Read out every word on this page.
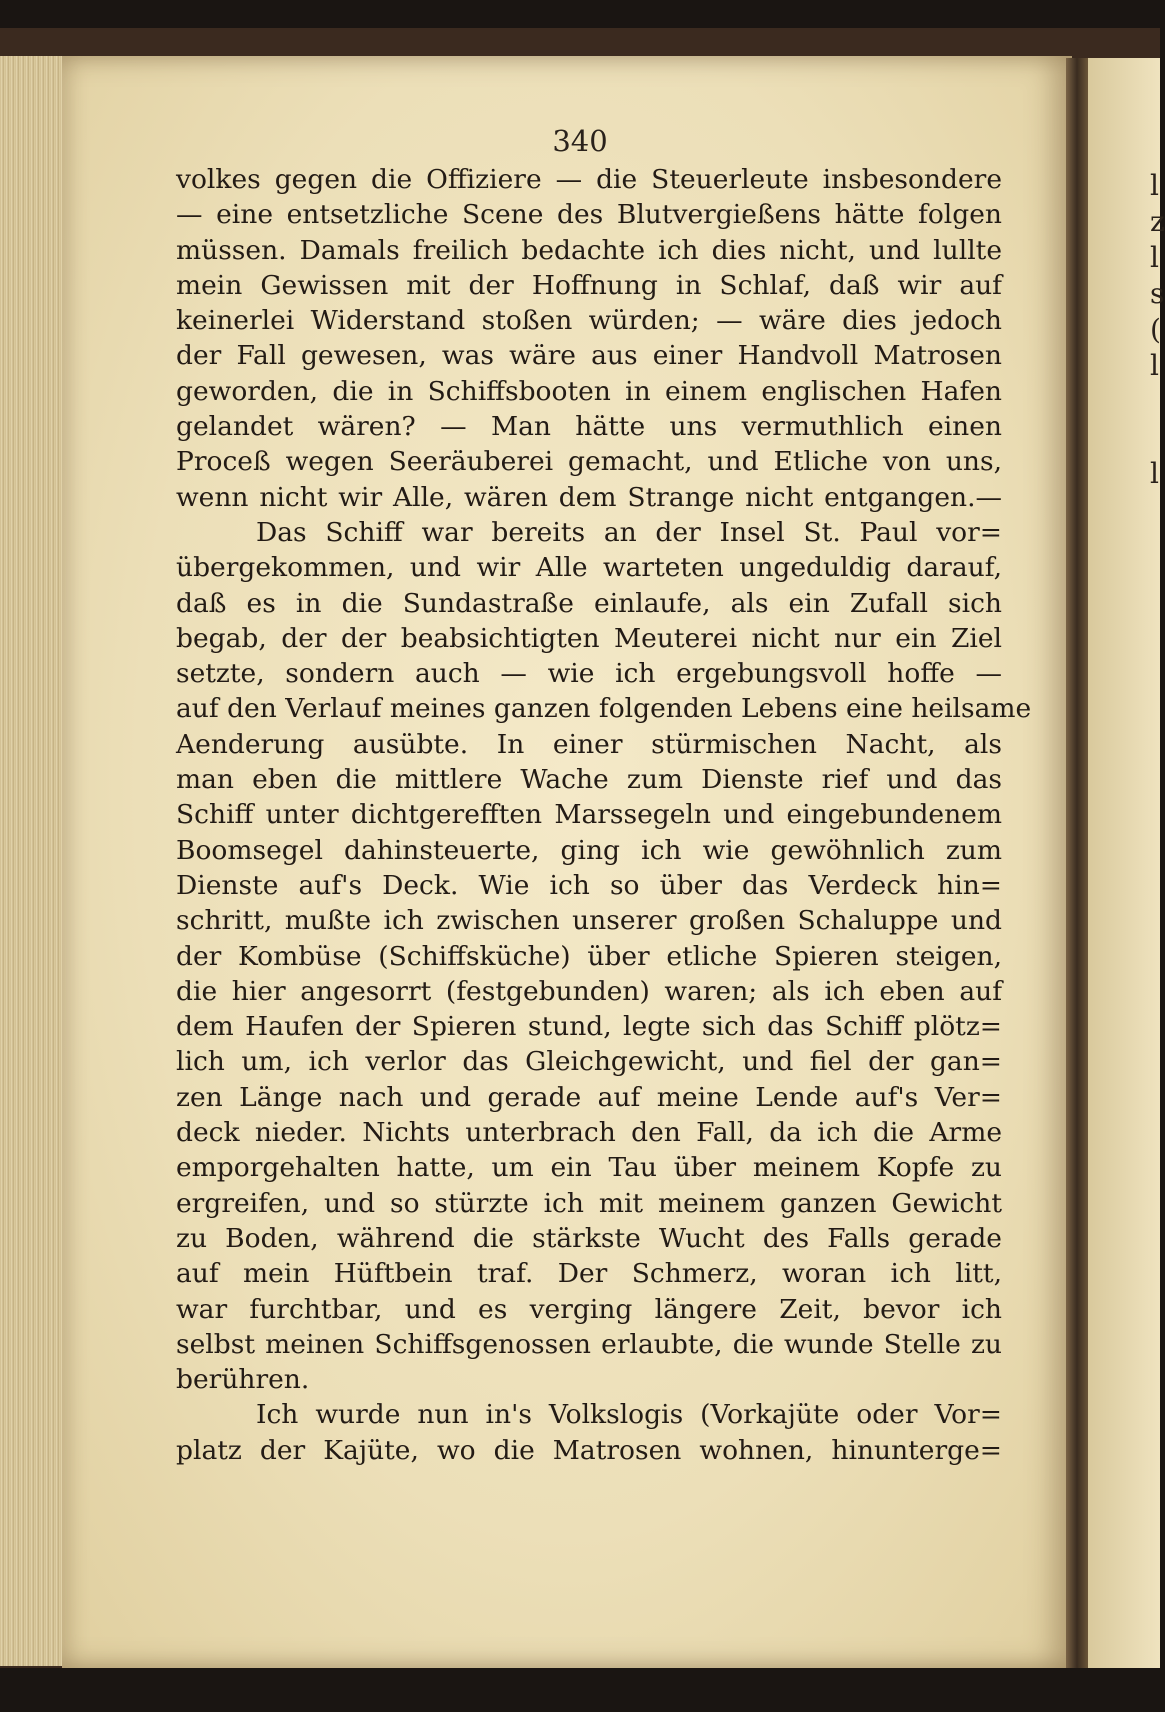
l
z
l
s
(
l

l

340
volkes gegen die Offiziere — die Steuerleute insbesondere
— eine entsetzliche Scene des Blutvergießens hätte folgen
müssen. Damals freilich bedachte ich dies nicht, und lullte
mein Gewissen mit der Hoffnung in Schlaf, daß wir auf
keinerlei Widerstand stoßen würden; — wäre dies jedoch
der Fall gewesen, was wäre aus einer Handvoll Matrosen
geworden, die in Schiffsbooten in einem englischen Hafen
gelandet wären? — Man hätte uns vermuthlich einen
Proceß wegen Seeräuberei gemacht, und Etliche von uns,
wenn nicht wir Alle, wären dem Strange nicht entgangen.—
Das Schiff war bereits an der Insel St. Paul vor=
übergekommen, und wir Alle warteten ungeduldig darauf,
daß es in die Sundastraße einlaufe, als ein Zufall sich
begab, der der beabsichtigten Meuterei nicht nur ein Ziel
setzte, sondern auch — wie ich ergebungsvoll hoffe —
auf den Verlauf meines ganzen folgenden Lebens eine heilsame
Aenderung ausübte. In einer stürmischen Nacht, als
man eben die mittlere Wache zum Dienste rief und das
Schiff unter dichtgerefften Marssegeln und eingebundenem
Boomsegel dahinsteuerte, ging ich wie gewöhnlich zum
Dienste auf's Deck. Wie ich so über das Verdeck hin=
schritt, mußte ich zwischen unserer großen Schaluppe und
der Kombüse (Schiffsküche) über etliche Spieren steigen,
die hier angesorrt (festgebunden) waren; als ich eben auf
dem Haufen der Spieren stund, legte sich das Schiff plötz=
lich um, ich verlor das Gleichgewicht, und fiel der gan=
zen Länge nach und gerade auf meine Lende auf's Ver=
deck nieder. Nichts unterbrach den Fall, da ich die Arme
emporgehalten hatte, um ein Tau über meinem Kopfe zu
ergreifen, und so stürzte ich mit meinem ganzen Gewicht
zu Boden, während die stärkste Wucht des Falls gerade
auf mein Hüftbein traf. Der Schmerz, woran ich litt,
war furchtbar, und es verging längere Zeit, bevor ich
selbst meinen Schiffsgenossen erlaubte, die wunde Stelle zu
berühren.
Ich wurde nun in's Volkslogis (Vorkajüte oder Vor=
platz der Kajüte, wo die Matrosen wohnen, hinunterge=
